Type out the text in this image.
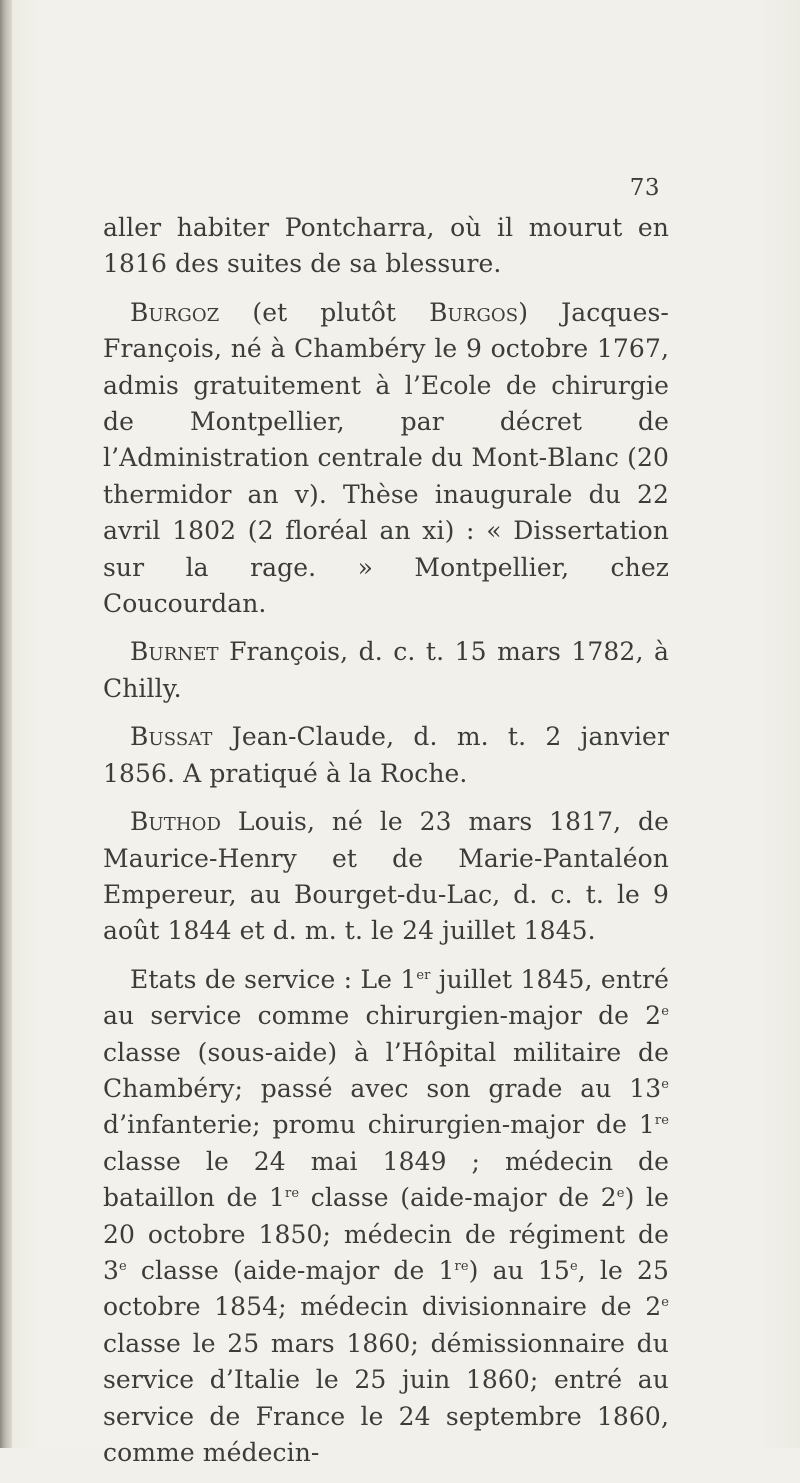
73

aller habiter Pontcharra, où il mourut en 1816 des suites de sa blessure.

Burgoz (et plutôt Burgos) Jacques-François, né à Chambéry le 9 octobre 1767, admis gratuitement à l’Ecole de chirurgie de Montpellier, par décret de l’Administration centrale du Mont-Blanc (20 thermidor an v). Thèse inaugurale du 22 avril 1802 (2 floréal an xi) : « Dissertation sur la rage. » Montpellier, chez Coucourdan.

Burnet François, d. c. t. 15 mars 1782, à Chilly.

Bussat Jean-Claude, d. m. t. 2 janvier 1856. A pratiqué à la Roche.

Buthod Louis, né le 23 mars 1817, de Maurice-Henry et de Marie-Pantaléon Empereur, au Bourget-du-Lac, d. c. t. le 9 août 1844 et d. m. t. le 24 juillet 1845.

Etats de service : Le 1er juillet 1845, entré au service comme chirurgien-major de 2e classe (sous-aide) à l’Hôpital militaire de Chambéry; passé avec son grade au 13e d’infanterie; promu chirurgien-major de 1re classe le 24 mai 1849 ; médecin de bataillon de 1re classe (aide-major de 2e) le 20 octobre 1850; médecin de régiment de 3e classe (aide-major de 1re) au 15e, le 25 octobre 1854; médecin divisionnaire de 2e classe le 25 mars 1860; démissionnaire du service d’Italie le 25 juin 1860; entré au service de France le 24 septembre 1860, comme médecin-
